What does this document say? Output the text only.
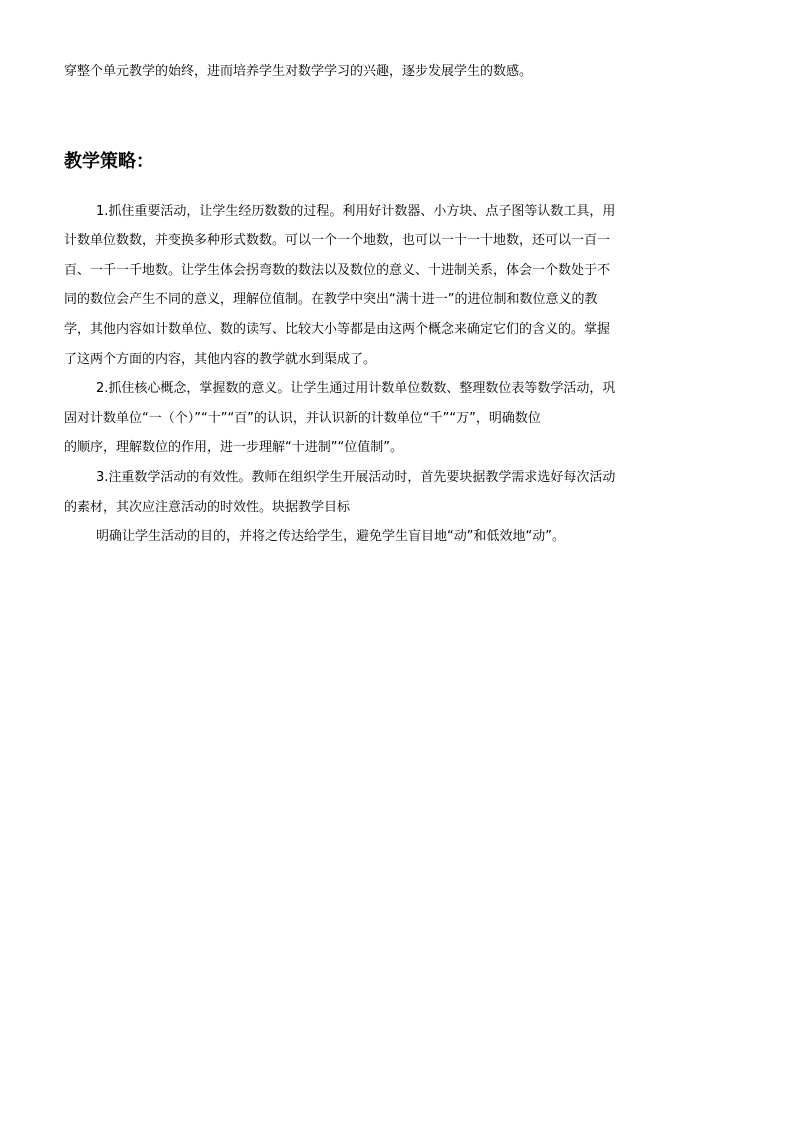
穿整个单元教学的始终，进而培养学生对数学学习的兴趣，逐步发展学生的数感。
教学策略：
1.抓住重要活动，让学生经历数数的过程。利用好计数器、小方块、点子图等认数工具，用
计数单位数数，并变换多种形式数数。可以一个一个地数，也可以一十一十地数，还可以一百一
百、一千一千地数。让学生体会拐弯数的数法以及数位的意义、十进制关系，体会一个数处于不
同的数位会产生不同的意义，理解位值制。在教学中突出“满十进一”的进位制和数位意义的教
学，其他内容如计数单位、数的读写、比较大小等都是由这两个概念来确定它们的含义的。掌握
了这两个方面的内容，其他内容的教学就水到渠成了。
2.抓住核心概念，掌握数的意义。让学生通过用计数单位数数、整理数位表等数学活动，巩
固对计数单位“一（个）”“十”“百”的认识，并认识新的计数单位“千”“万”，明确数位
的顺序，理解数位的作用，进一步理解“十进制”“位值制”。
3.注重数学活动的有效性。教师在组织学生开展活动时，首先要块据教学需求选好每次活动
的素材，其次应注意活动的时效性。块据教学目标
明确让学生活动的目的，并将之传达给学生，避免学生盲目地“动”和低效地“动”。
